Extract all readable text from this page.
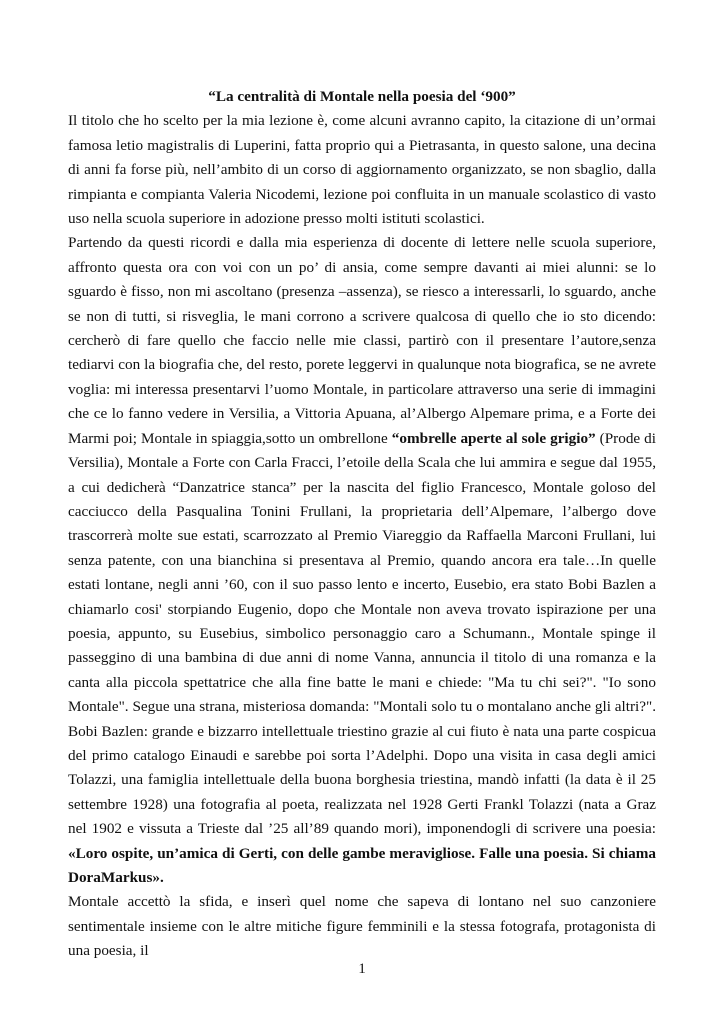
“La centralità di Montale nella poesia del ‘900”

Il titolo che ho scelto per la mia lezione è, come alcuni avranno capito, la citazione di un’ormai famosa letio magistralis di Luperini, fatta proprio qui a Pietrasanta, in questo salone, una decina di anni fa forse più, nell’ambito di un corso di aggiornamento organizzato, se non sbaglio, dalla rimpianta e compianta Valeria Nicodemi, lezione poi confluita in un manuale scolastico di vasto uso nella scuola superiore in adozione presso molti istituti scolastici.

Partendo da questi ricordi e dalla mia esperienza di docente di lettere nelle scuola superiore, affronto questa ora con voi con un po’ di ansia, come sempre davanti ai miei alunni: se lo sguardo è fisso, non mi ascoltano (presenza –assenza), se riesco a interessarli, lo sguardo, anche se non di tutti, si risveglia, le mani corrono a scrivere qualcosa di quello che io sto dicendo: cercherò di fare quello che faccio nelle mie classi, partirò con il presentare l’autore,senza tediarvi con la biografia che, del resto, porete leggervi in qualunque nota biografica, se ne avrete voglia: mi interessa presentarvi l’uomo Montale, in particolare attraverso una serie di immagini che ce lo fanno vedere in Versilia, a Vittoria Apuana, al’Albergo Alpemare prima, e a Forte dei Marmi poi; Montale in spiaggia,sotto un ombrellone “ombrelle aperte al sole grigio” (Prode di Versilia), Montale a Forte con Carla Fracci, l’etoile della Scala che lui ammira e segue dal 1955, a cui dedicherà “Danzatrice stanca” per la nascita del figlio Francesco, Montale goloso del cacciucco della Pasqualina Tonini Frullani, la proprietaria dell’Alpemare, l’albergo dove trascorrerà molte sue estati, scarrozzato al Premio Viareggio da Raffaella Marconi Frullani, lui senza patente, con una bianchina si presentava al Premio, quando ancora era tale…In quelle estati lontane, negli anni ’60, con il suo passo lento e incerto, Eusebio, era stato Bobi Bazlen a chiamarlo cosi' storpiando Eugenio, dopo che Montale non aveva trovato ispirazione per una poesia, appunto, su Eusebius, simbolico personaggio caro a Schumann., Montale spinge il passeggino di una bambina di due anni di nome Vanna, annuncia il titolo di una romanza e la canta alla piccola spettatrice che alla fine batte le mani e chiede: "Ma tu chi sei?". "Io sono Montale". Segue una strana, misteriosa domanda: "Montali solo tu o montalano anche gli altri?". Bobi Bazlen: grande e bizzarro intellettuale triestino grazie al cui fiuto è nata una parte cospicua del primo catalogo Einaudi e sarebbe poi sorta l’Adelphi. Dopo una visita in casa degli amici Tolazzi, una famiglia intellettuale della buona borghesia triestina, mandò infatti (la data è il 25 settembre 1928) una fotografia al poeta, realizzata nel 1928 Gerti Frankl Tolazzi (nata a Graz nel 1902 e vissuta a Trieste dal ’25 all’89 quando mori), imponendogli di scrivere una poesia: «Loro ospite, un’amica di Gerti, con delle gambe meravigliose. Falle una poesia. Si chiama DoraMarkus».

Montale accettò la sfida, e inserì quel nome che sapeva di lontano nel suo canzoniere sentimentale insieme con le altre mitiche figure femminili e la stessa fotografa, protagonista di una poesia, il

1
